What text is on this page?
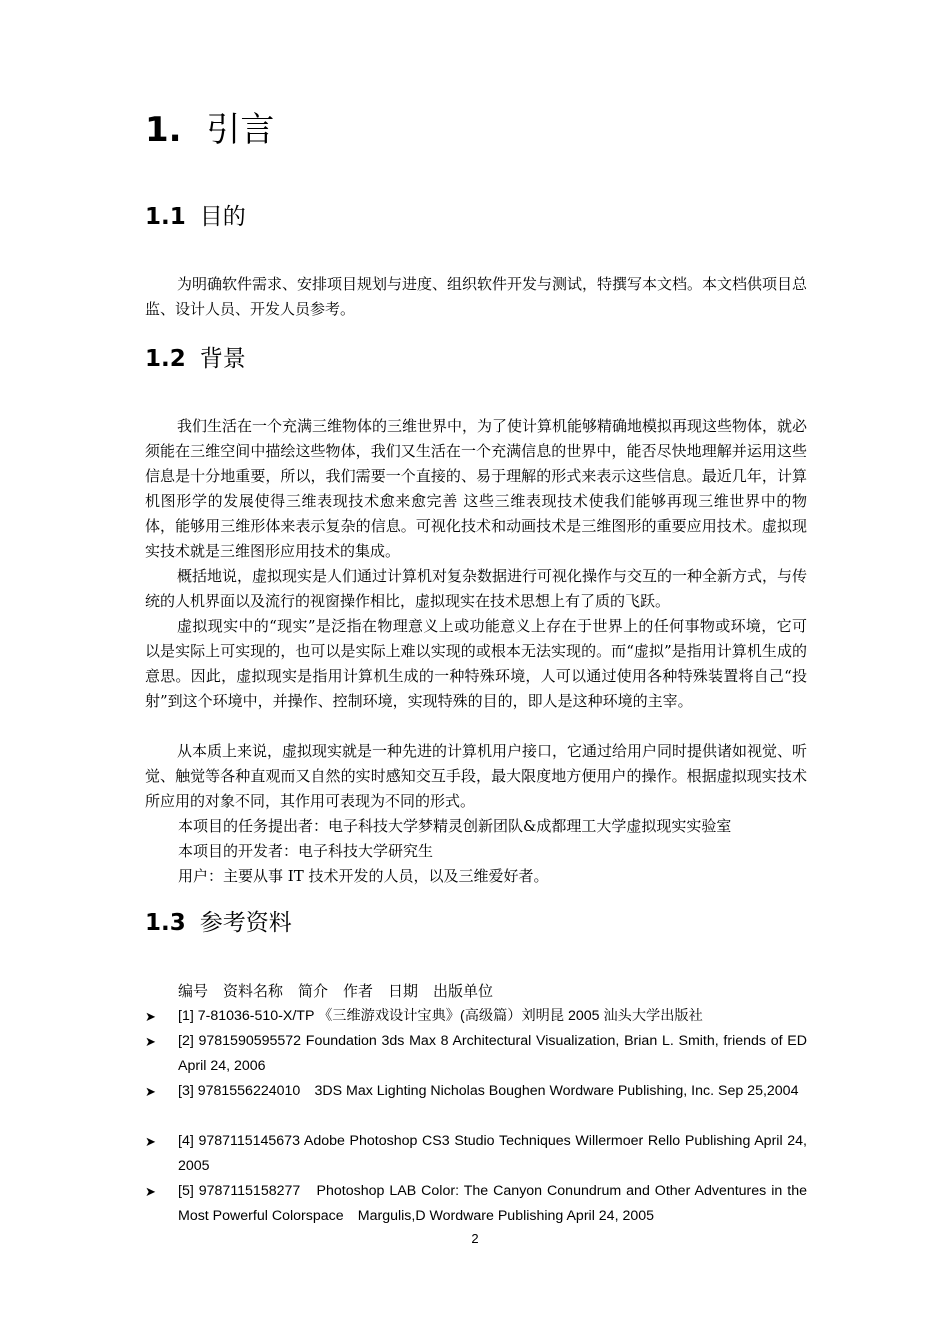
1. 引言
1.1 目的
为明确软件需求、安排项目规划与进度、组织软件开发与测试，特撰写本文档。本文档供项目总监、设计人员、开发人员参考。
1.2 背景
我们生活在一个充满三维物体的三维世界中，为了使计算机能够精确地模拟再现这些物体，就必须能在三维空间中描绘这些物体，我们又生活在一个充满信息的世界中，能否尽快地理解并运用这些信息是十分地重要，所以，我们需要一个直接的、易于理解的形式来表示这些信息。最近几年，计算机图形学的发展使得三维表现技术愈来愈完善 这些三维表现技术使我们能够再现三维世界中的物体，能够用三维形体来表示复杂的信息。可视化技术和动画技术是三维图形的重要应用技术。虚拟现实技术就是三维图形应用技术的集成。
概括地说，虚拟现实是人们通过计算机对复杂数据进行可视化操作与交互的一种全新方式，与传统的人机界面以及流行的视窗操作相比，虚拟现实在技术思想上有了质的飞跃。
虚拟现实中的“现实”是泛指在物理意义上或功能意义上存在于世界上的任何事物或环境，它可以是实际上可实现的，也可以是实际上难以实现的或根本无法实现的。而“虚拟”是指用计算机生成的意思。因此，虚拟现实是指用计算机生成的一种特殊环境，人可以通过使用各种特殊装置将自己“投射”到这个环境中，并操作、控制环境，实现特殊的目的，即人是这种环境的主宰。
从本质上来说，虚拟现实就是一种先进的计算机用户接口，它通过给用户同时提供诸如视觉、听觉、触觉等各种直观而又自然的实时感知交互手段，最大限度地方便用户的操作。根据虚拟现实技术所应用的对象不同，其作用可表现为不同的形式。
本项目的任务提出者：电子科技大学梦精灵创新团队&成都理工大学虚拟现实实验室
本项目的开发者：电子科技大学研究生
用户：主要从事 IT 技术开发的人员，以及三维爱好者。
1.3 参考资料
编号　资料名称　简介　作者　日期　出版单位
➤	[1] 7-81036-510-X/TP 《三维游戏设计宝典》(高级篇）刘明昆 2005 汕头大学出版社
➤	[2] 9781590595572 Foundation 3ds Max 8 Architectural Visualization, Brian L. Smith, friends of ED April 24, 2006
➤	[3] 9781556224010　3DS Max Lighting Nicholas Boughen Wordware Publishing, Inc. Sep 25,2004
➤	[4] 9787115145673 Adobe Photoshop CS3 Studio Techniques Willermoer Rello Publishing April 24, 2005
➤	[5] 9787115158277　Photoshop LAB Color: The Canyon Conundrum and Other Adventures in the Most Powerful Colorspace　Margulis,D Wordware Publishing April 24, 2005
2
